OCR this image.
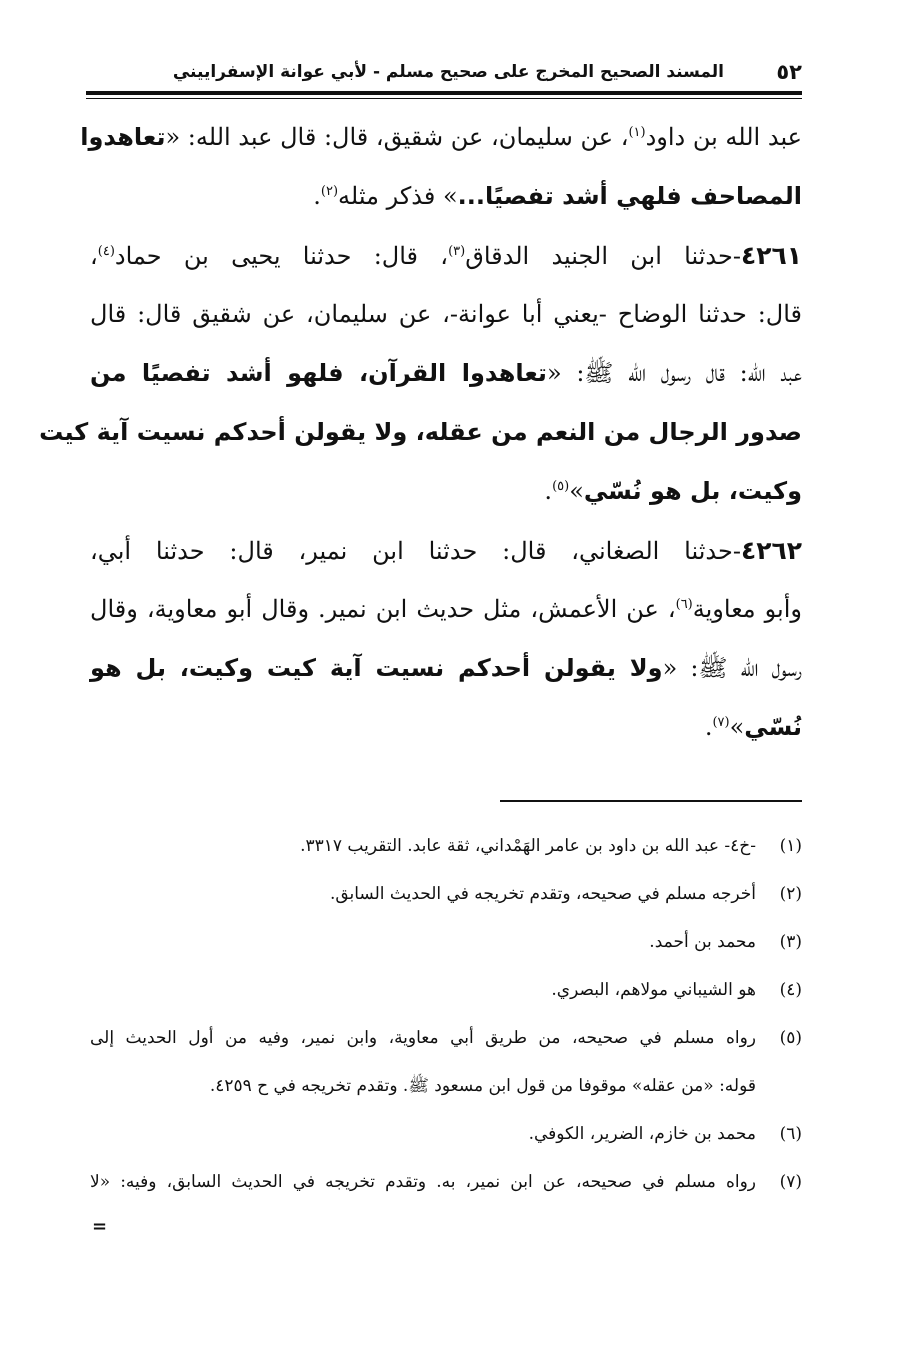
٥٢
المسند الصحيح المخرج على صحيح مسلم - لأبي عوانة الإسفراييني
عبد الله بن داود$^{(١)}$، عن سليمان، عن شقيق، قال: قال عبد الله: «تعاهدوا
المصاحف فلهي أشد تفصيًا...» فذكر مثله$^{(٢)}$.
٤٢٦١-حدثنا ابن الجنيد الدقاق$^{(٣)}$، قال: حدثنا يحيى بن حماد$^{(٤)}$،
قال: حدثنا الوضاح -يعني أبا عوانة-، عن سليمان، عن شقيق قال: قال
عبد الله: قال رسول الله ﷺ: «تعاهدوا القرآن، فلهو أشد تفصيًا من
صدور الرجال من النعم من عقله، ولا يقولن أحدكم نسيت آية كيت
وكيت، بل هو نُسّي»$^{(٥)}$.
٤٢٦٢-حدثنا الصغاني، قال: حدثنا ابن نمير، قال: حدثنا أبي،
وأبو معاوية$^{(٦)}$، عن الأعمش، مثل حديث ابن نمير. وقال أبو معاوية، وقال
رسول الله ﷺ: «ولا يقولن أحدكم نسيت آية كيت وكيت، بل هو
نُسّي»$^{(٧)}$.
(١)-خ٤- عبد الله بن داود بن عامر الهَمْداني، ثقة عابد. التقريب ٣٣١٧.
(٢)أخرجه مسلم في صحيحه، وتقدم تخريجه في الحديث السابق.
(٣)محمد بن أحمد.
(٤)هو الشيباني مولاهم، البصري.
(٥)رواه مسلم في صحيحه، من طريق أبي معاوية، وابن نمير، وفيه من أول الحديث إلى
قوله: «من عقله» موقوفا من قول ابن مسعود ﷺ. وتقدم تخريجه في ح ٤٢٥٩.
(٦)محمد بن خازم، الضرير، الكوفي.
(٧)رواه مسلم في صحيحه، عن ابن نمير، به. وتقدم تخريجه في الحديث السابق، وفيه: «لا
=
